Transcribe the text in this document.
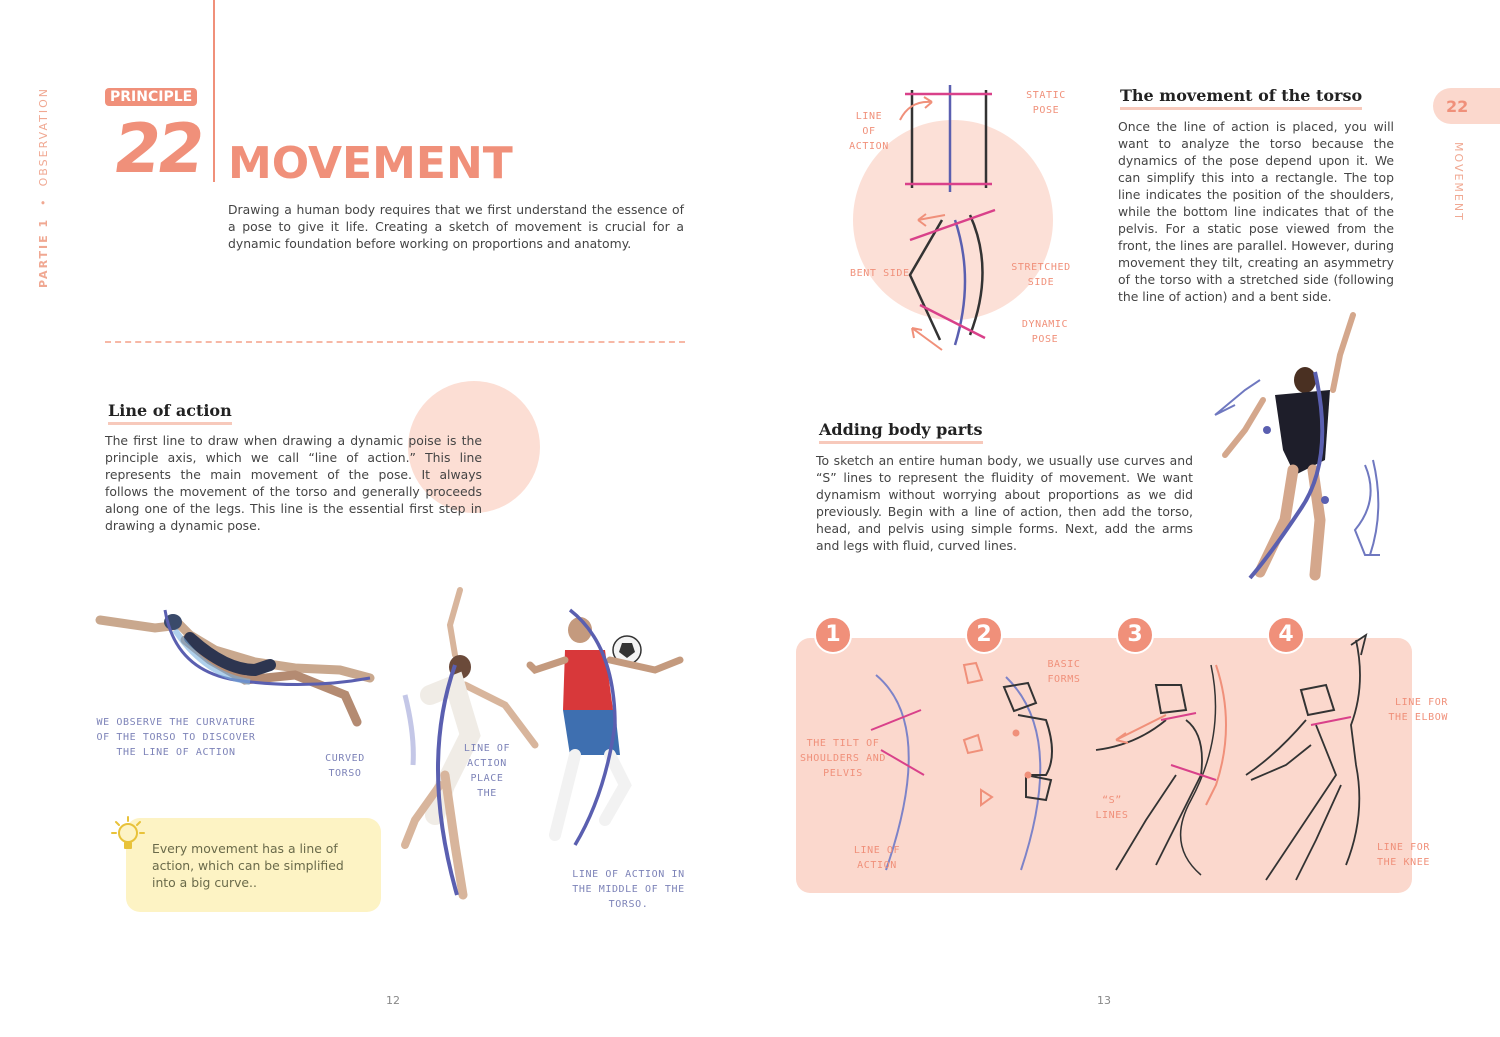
PARTIE 1 • OBSERVATION	PRINCIPLE
22 MOVEMENT
Drawing a human body requires that we first understand the essence of a pose to give it life. Creating a sketch of movement is crucial for a dynamic foundation before working on proportions and anatomy.
Line of action
The first line to draw when drawing a dynamic poise is the principle axis, which we call “line of action.” This line represents the main movement of the pose. It always follows the movement of the torso and generally proceeds along one of the legs. This line is the essential first step in drawing a dynamic pose.
WE OBSERVE THE CURVATURE OF THE TORSO TO DISCOVER THE LINE OF ACTION
CURVED TORSO
LINE OF ACTION PLACE THE
LINE OF ACTION IN THE MIDDLE OF THE TORSO.
Every movement has a line of action, which can be simplified into a big curve..
12
22
MOVEMENT
LINE OF ACTION
STATIC POSE
BENT SIDE
STRETCHED SIDE
DYNAMIC POSE
The movement of the torso
Once the line of action is placed, you will want to analyze the torso because the dynamics of the pose depend upon it. We can simplify this into a rectangle. The top line indicates the position of the shoulders, while the bottom line indicates that of the pelvis. For a static pose viewed from the front, the lines are parallel. However, during movement they tilt, creating an asymmetry of the torso with a stretched side (following the line of action) and a bent side.
Adding body parts
To sketch an entire human body, we usually use curves and “S” lines to represent the fluidity of movement. We want dynamism without worrying about proportions as we did previously. Begin with a line of action, then add the torso, head, and pelvis using simple forms. Next, add the arms and legs with fluid, curved lines.
1	2	3	4
THE TILT OF SHOULDERS AND PELVIS
LINE OF ACTION
BASIC FORMS
“S” LINES
LINE FOR THE ELBOW
LINE FOR THE KNEE
13
